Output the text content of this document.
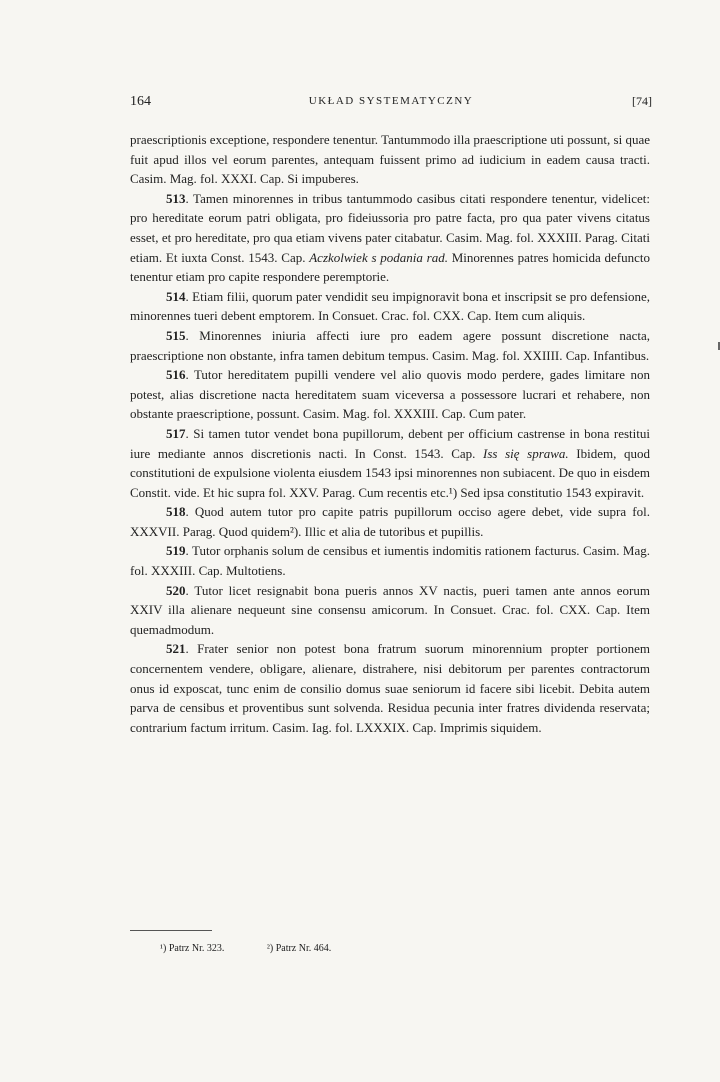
164	UKŁAD SYSTEMATYCZNY	[74]

praescriptionis exceptione, respondere tenentur. Tantummodo illa praescriptione uti possunt, si quae fuit apud illos vel eorum parentes, antequam fuissent primo ad iudicium in eadem causa tracti. Casim. Mag. fol. XXXI. Cap. Si impuberes.

513. Tamen minorennes in tribus tantummodo casibus citati respondere tenentur, videlicet: pro hereditate eorum patri obligata, pro fideiussoria pro patre facta, pro qua pater vivens citatus esset, et pro hereditate, pro qua etiam vivens pater citabatur. Casim. Mag. fol. XXXIII. Parag. Citati etiam. Et iuxta Const. 1543. Cap. Aczkolwiek s podania rad. Minorennes patres homicida defuncto tenentur etiam pro capite respondere peremptorie.

514. Etiam filii, quorum pater vendidit seu impignoravit bona et inscripsit se pro defensione, minorennes tueri debent emptorem. In Consuet. Crac. fol. CXX. Cap. Item cum aliquis.

515. Minorennes iniuria affecti iure pro eadem agere possunt discretione nacta, praescriptione non obstante, infra tamen debitum tempus. Casim. Mag. fol. XXIIII. Cap. Infantibus.

516. Tutor hereditatem pupilli vendere vel alio quovis modo perdere, gades limitare non potest, alias discretione nacta hereditatem suam viceversa a possessore lucrari et rehabere, non obstante praescriptione, possunt. Casim. Mag. fol. XXXIII. Cap. Cum pater.

517. Si tamen tutor vendet bona pupillorum, debent per officium castrense in bona restitui iure mediante annos discretionis nacti. In Const. 1543. Cap. Iss się sprawa. Ibidem, quod constitutioni de expulsione violenta eiusdem 1543 ipsi minorennes non subiacent. De quo in eisdem Constit. vide. Et hic supra fol. XXV. Parag. Cum recentis etc.¹) Sed ipsa constitutio 1543 expiravit.

518. Quod autem tutor pro capite patris pupillorum occiso agere debet, vide supra fol. XXXVII. Parag. Quod quidem²). Illic et alia de tutoribus et pupillis.

519. Tutor orphanis solum de censibus et iumentis indomitis rationem facturus. Casim. Mag. fol. XXXIII. Cap. Multotiens.

520. Tutor licet resignabit bona pueris annos XV nactis, pueri tamen ante annos eorum XXIV illa alienare nequeunt sine consensu amicorum. In Consuet. Crac. fol. CXX. Cap. Item quemadmodum.

521. Frater senior non potest bona fratrum suorum minorennium propter portionem concernentem vendere, obligare, alienare, distrahere, nisi debitorum per parentes contractorum onus id exposcat, tunc enim de consilio domus suae seniorum id facere sibi licebit. Debita autem parva de censibus et proventibus sunt solvenda. Residua pecunia inter fratres dividenda reservata; contrarium factum irritum. Casim. Iag. fol. LXXXIX. Cap. Imprimis siquidem.

¹) Patrz Nr. 323.	²) Patrz Nr. 464.
